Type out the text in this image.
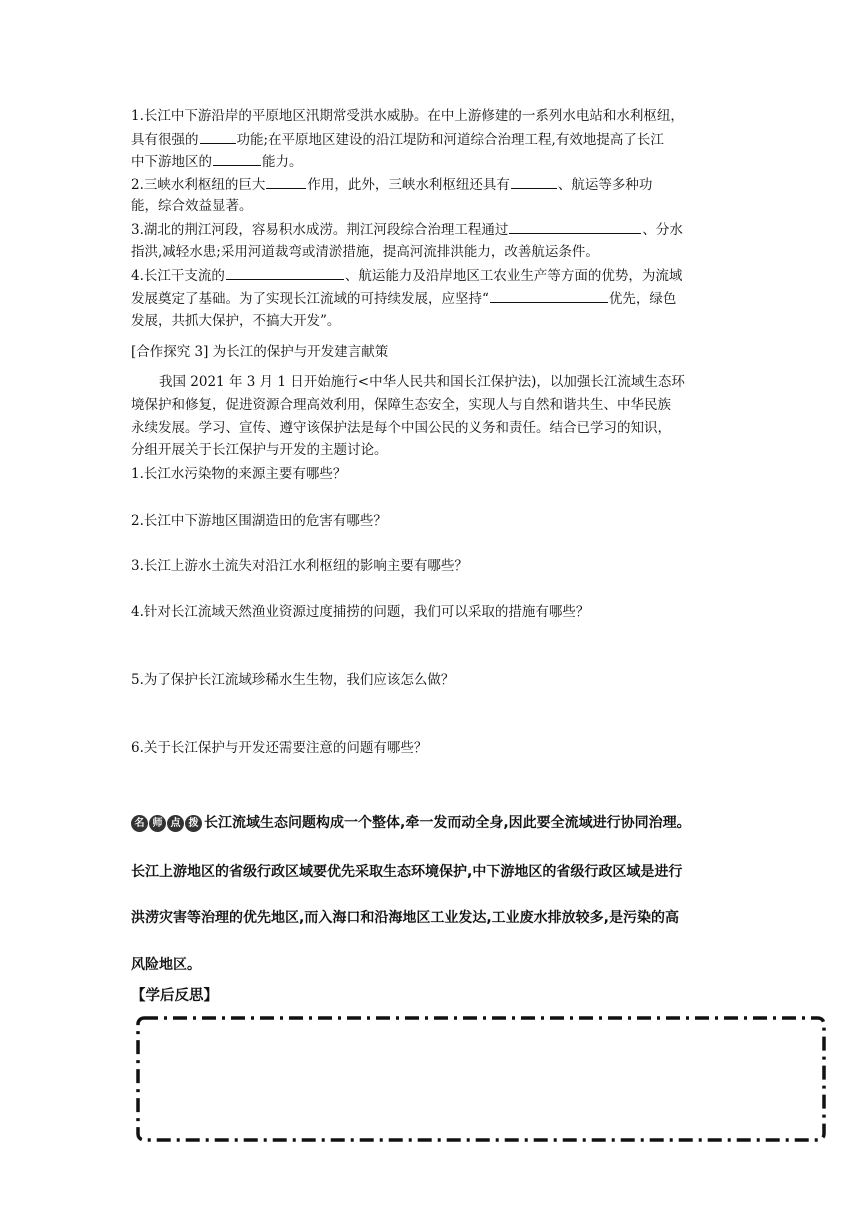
1.长江中下游沿岸的平原地区汛期常受洪水威胁。在中上游修建的一系列水电站和水利枢纽，
具有很强的	功能;在平原地区建设的沿江堤防和河道综合治理工程,有效地提高了长江
中下游地区的	能力。
2.三峡水利枢纽的巨大	作用，此外，三峡水利枢纽还具有	、航运等多种功
能，综合效益显著。
3.湖北的荆江河段，容易积水成涝。荆江河段综合治理工程通过	、分水
指洪,减轻水患;采用河道裁弯或清淤措施，提高河流排洪能力，改善航运条件。
4.长江干支流的	、航运能力及沿岸地区工农业生产等方面的优势，为流域
发展奠定了基础。为了实现长江流域的可持续发展，应坚持“	优先，绿色
发展，共抓大保护，不搞大开发”。
[合作探究 3] 为长江的保护与开发建言献策
我国 2021 年 3 月 1 日开始施行<中华人民共和国长江保护法)，以加强长江流域生态环
境保护和修复，促进资源合理高效利用，保障生态安全，实现人与自然和谐共生、中华民族
永续发展。学习、宣传、遵守该保护法是每个中国公民的义务和责任。结合已学习的知识，
分组开展关于长江保护与开发的主题讨论。
1.长江水污染物的来源主要有哪些？
2.长江中下游地区围湖造田的危害有哪些？
3.长江上游水土流失对沿江水利枢纽的影响主要有哪些？
4.针对长江流域天然渔业资源过度捕捞的问题，我们可以采取的措施有哪些？
5.为了保护长江流域珍稀水生生物，我们应该怎么做？
6.关于长江保护与开发还需要注意的问题有哪些？
名 师 点 拨 长江流域生态问题构成一个整体,牵一发而动全身,因此要全流域进行协同治理。
长江上游地区的省级行政区域要优先采取生态环境保护,中下游地区的省级行政区域是进行
洪涝灾害等治理的优先地区,而入海口和沿海地区工业发达,工业废水排放较多,是污染的高
风险地区。
【学后反思】
